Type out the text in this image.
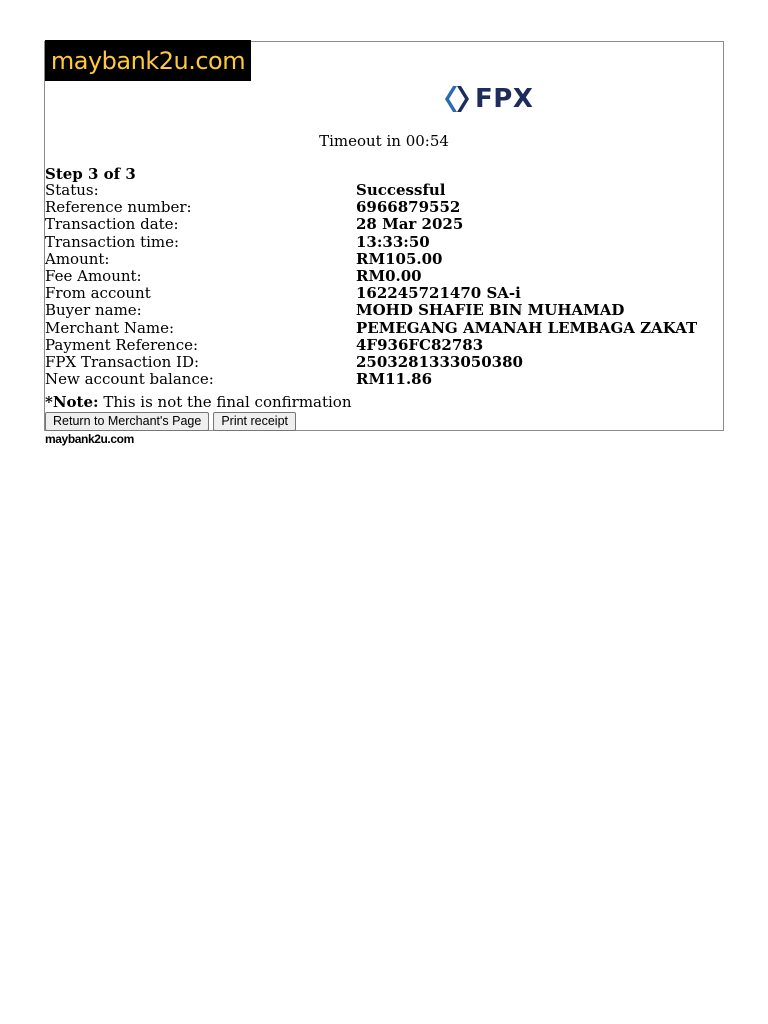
maybank2u.com
FPX
Timeout in 00:54
Step 3 of 3
Status:	Successful
Reference number:	6966879552
Transaction date:	28 Mar 2025
Transaction time:	13:33:50
Amount:	RM105.00
Fee Amount:	RM0.00
From account	162245721470 SA-i
Buyer name:	MOHD SHAFIE BIN MUHAMAD
Merchant Name:	PEMEGANG AMANAH LEMBAGA ZAKAT
Payment Reference:	4F936FC82783
FPX Transaction ID:	2503281333050380
New account balance:	RM11.86
*Note: This is not the final confirmation
Return to Merchant's Page	Print receipt
maybank2u.com
